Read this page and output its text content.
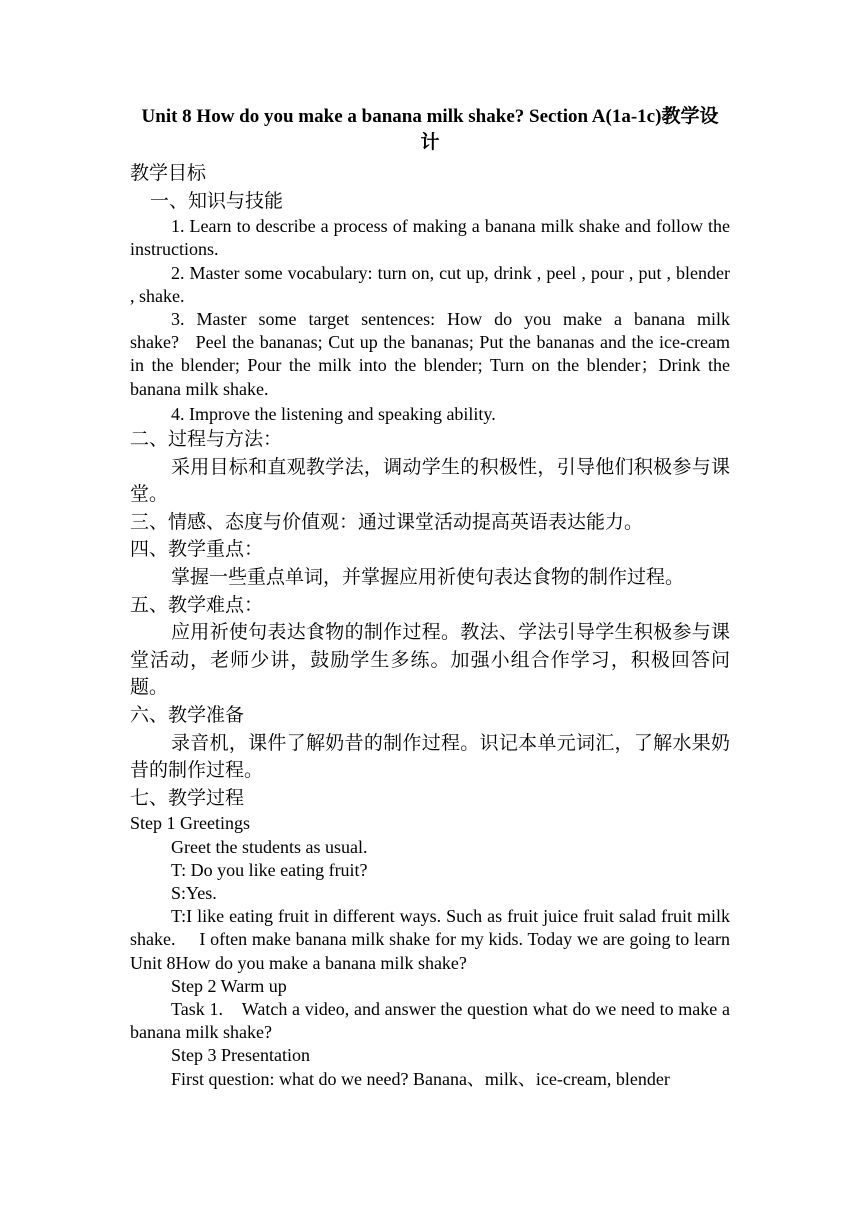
Unit 8 How do you make a banana milk shake? Section A(1a-1c)教学设
计

教学目标

一、知识与技能

1. Learn to describe a process of making a banana milk shake and follow the instructions.

2. Master some vocabulary: turn on, cut up, drink , peel , pour , put , blender , shake.

3. Master some target sentences: How do you make a banana milk shake?   Peel the bananas; Cut up the bananas; Put the bananas and the ice-cream in the blender; Pour the milk into the blender; Turn on the blender；Drink the banana milk shake.

4. Improve the listening and speaking ability.

二、过程与方法：

采用目标和直观教学法，调动学生的积极性，引导他们积极参与课堂。

三、情感、态度与价值观：通过课堂活动提高英语表达能力。

四、教学重点：

掌握一些重点单词，并掌握应用祈使句表达食物的制作过程。

五、教学难点：

应用祈使句表达食物的制作过程。教法、学法引导学生积极参与课堂活动，老师少讲，鼓励学生多练。加强小组合作学习，积极回答问题。

六、教学准备

录音机，课件了解奶昔的制作过程。识记本单元词汇，了解水果奶昔的制作过程。

七、教学过程

Step 1 Greetings

Greet the students as usual.

T: Do you like eating fruit?

S:Yes.

T:I like eating fruit in different ways. Such as fruit juice fruit salad fruit milk shake.     I often make banana milk shake for my kids. Today we are going to learn Unit 8How do you make a banana milk shake?

Step 2 Warm up

Task 1.    Watch a video, and answer the question what do we need to make a banana milk shake?

Step 3 Presentation

First question: what do we need? Banana、milk、ice-cream, blender
